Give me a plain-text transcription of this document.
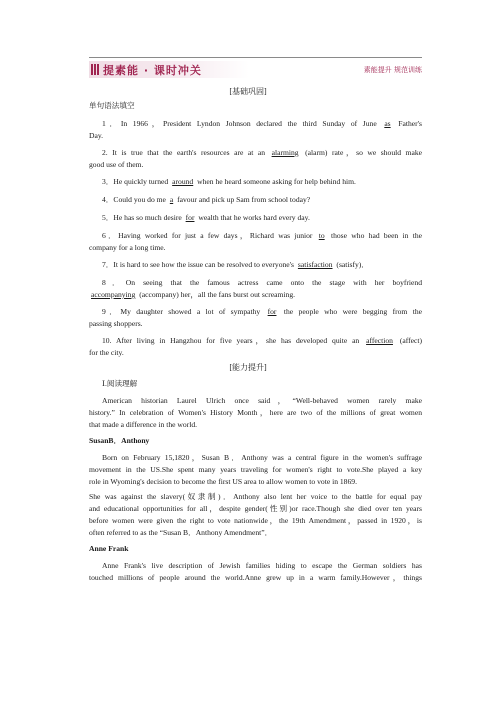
提素能 · 课时冲关	素能提升 规范训练
[基础巩固]
单句语法填空
1．In 1966，President Lyndon Johnson declared the third Sunday of June as Father's
Day.
2. It is true that the earth's resources are at an alarming (alarm) rate，so we should make
good use of them.
3．He quickly turned around when he heard someone asking for help behind him.
4．Could you do me a favour and pick up Sam from school today?
5．He has so much desire for wealth that he works hard every day.
6．Having worked for just a few days，Richard was junior to those who had been in the
company for a long time.
7．It is hard to see how the issue can be resolved to everyone's satisfaction (satisfy)．
8．On seeing that the famous actress came onto the stage with her boyfriend
accompanying (accompany) her，all the fans burst out screaming.
9．My daughter showed a lot of sympathy for the people who were begging from the
passing shoppers.
10. After living in Hangzhou for five years，she has developed quite an affection (affect)
for the city.
[能力提升]
Ⅰ.阅读理解
American historian Laurel Ulrich once said，“Well-behaved women rarely make
history.” In celebration of Women's History Month，here are two of the millions of great women
that made a difference in the world.
SusanB．Anthony
Born on February 15,1820，Susan B．Anthony was a central figure in the women's suffrage
movement in the US.She spent many years traveling for women's right to vote.She played a key
role in Wyoming's decision to become the first US area to allow women to vote in 1869.
She was against the slavery(奴隶制)．Anthony also lent her voice to the battle for equal pay
and educational opportunities for all，despite gender(性别)or race.Though she died over ten years
before women were given the right to vote nationwide，the 19th Amendment，passed in 1920，is
often referred to as the “Susan B．Anthony Amendment”．
Anne Frank
Anne Frank's live description of Jewish families hiding to escape the German soldiers has
touched millions of people around the world.Anne grew up in a warm family.However，things
